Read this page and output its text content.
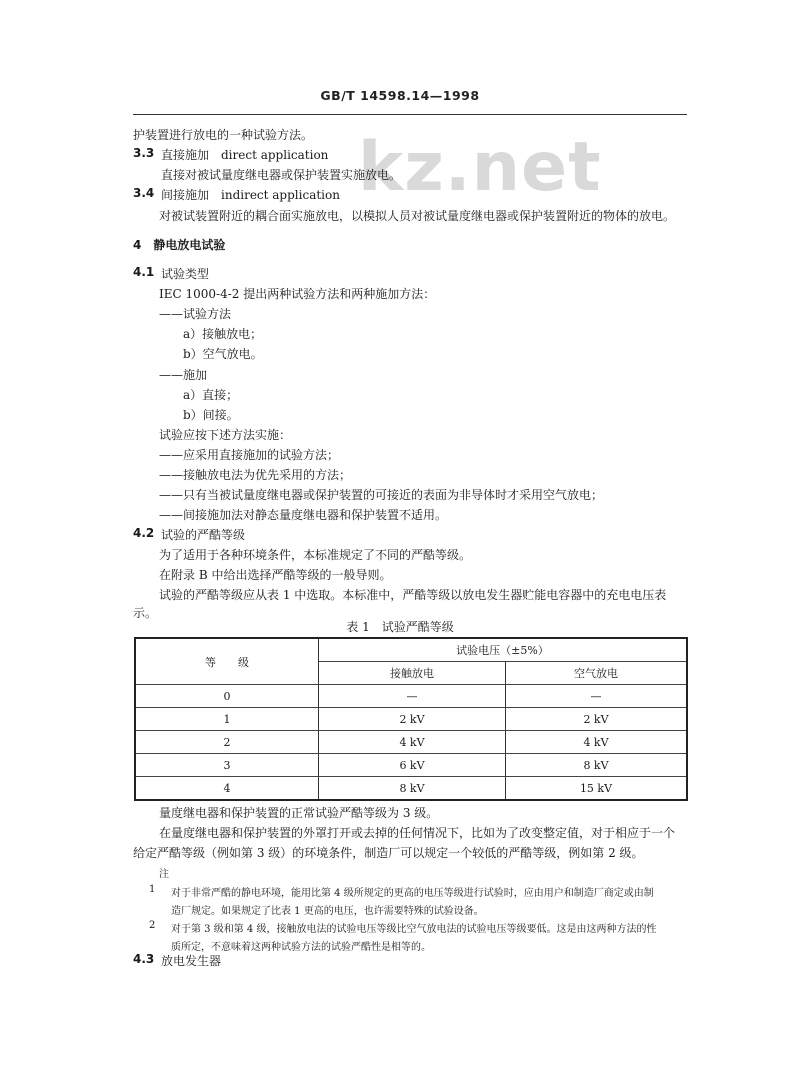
GB/T 14598.14—1998
kz.net
护装置进行放电的一种试验方法。
3.3 直接施加　direct application
直接对被试量度继电器或保护装置实施放电。
3.4 间接施加　indirect application
对被试装置附近的耦合面实施放电，以模拟人员对被试量度继电器或保护装置附近的物体的放电。
4　静电放电试验
4.1 试验类型
IEC 1000-4-2 提出两种试验方法和两种施加方法：
——试验方法
a）接触放电；
b）空气放电。
——施加
a）直接；
b）间接。
试验应按下述方法实施：
——应采用直接施加的试验方法；
——接触放电法为优先采用的方法；
——只有当被试量度继电器或保护装置的可接近的表面为非导体时才采用空气放电；
——间接施加法对静态量度继电器和保护装置不适用。
4.2 试验的严酷等级
为了适用于各种环境条件，本标准规定了不同的严酷等级。
在附录 B 中给出选择严酷等级的一般导则。
试验的严酷等级应从表 1 中选取。本标准中，严酷等级以放电发生器贮能电容器中的充电电压表
示。
表 1　试验严酷等级
等　　级	试验电压（±5%）	
	接触放电	空气放电
0	—	—
1	2 kV	2 kV
2	4 kV	4 kV
3	6 kV	8 kV
4	8 kV	15 kV
量度继电器和保护装置的正常试验严酷等级为 3 级。
在量度继电器和保护装置的外罩打开或去掉的任何情况下，比如为了改变整定值，对于相应于一个
给定严酷等级（例如第 3 级）的环境条件，制造厂可以规定一个较低的严酷等级，例如第 2 级。
注
1 对于非常严酷的静电环境，能用比第 4 级所规定的更高的电压等级进行试验时，应由用户和制造厂商定或由制
造厂规定。如果规定了比表 1 更高的电压，也许需要特殊的试验设备。
2 对于第 3 级和第 4 级，接触放电法的试验电压等级比空气放电法的试验电压等级要低。这是由这两种方法的性
质所定，不意味着这两种试验方法的试验严酷性是相等的。
4.3 放电发生器
